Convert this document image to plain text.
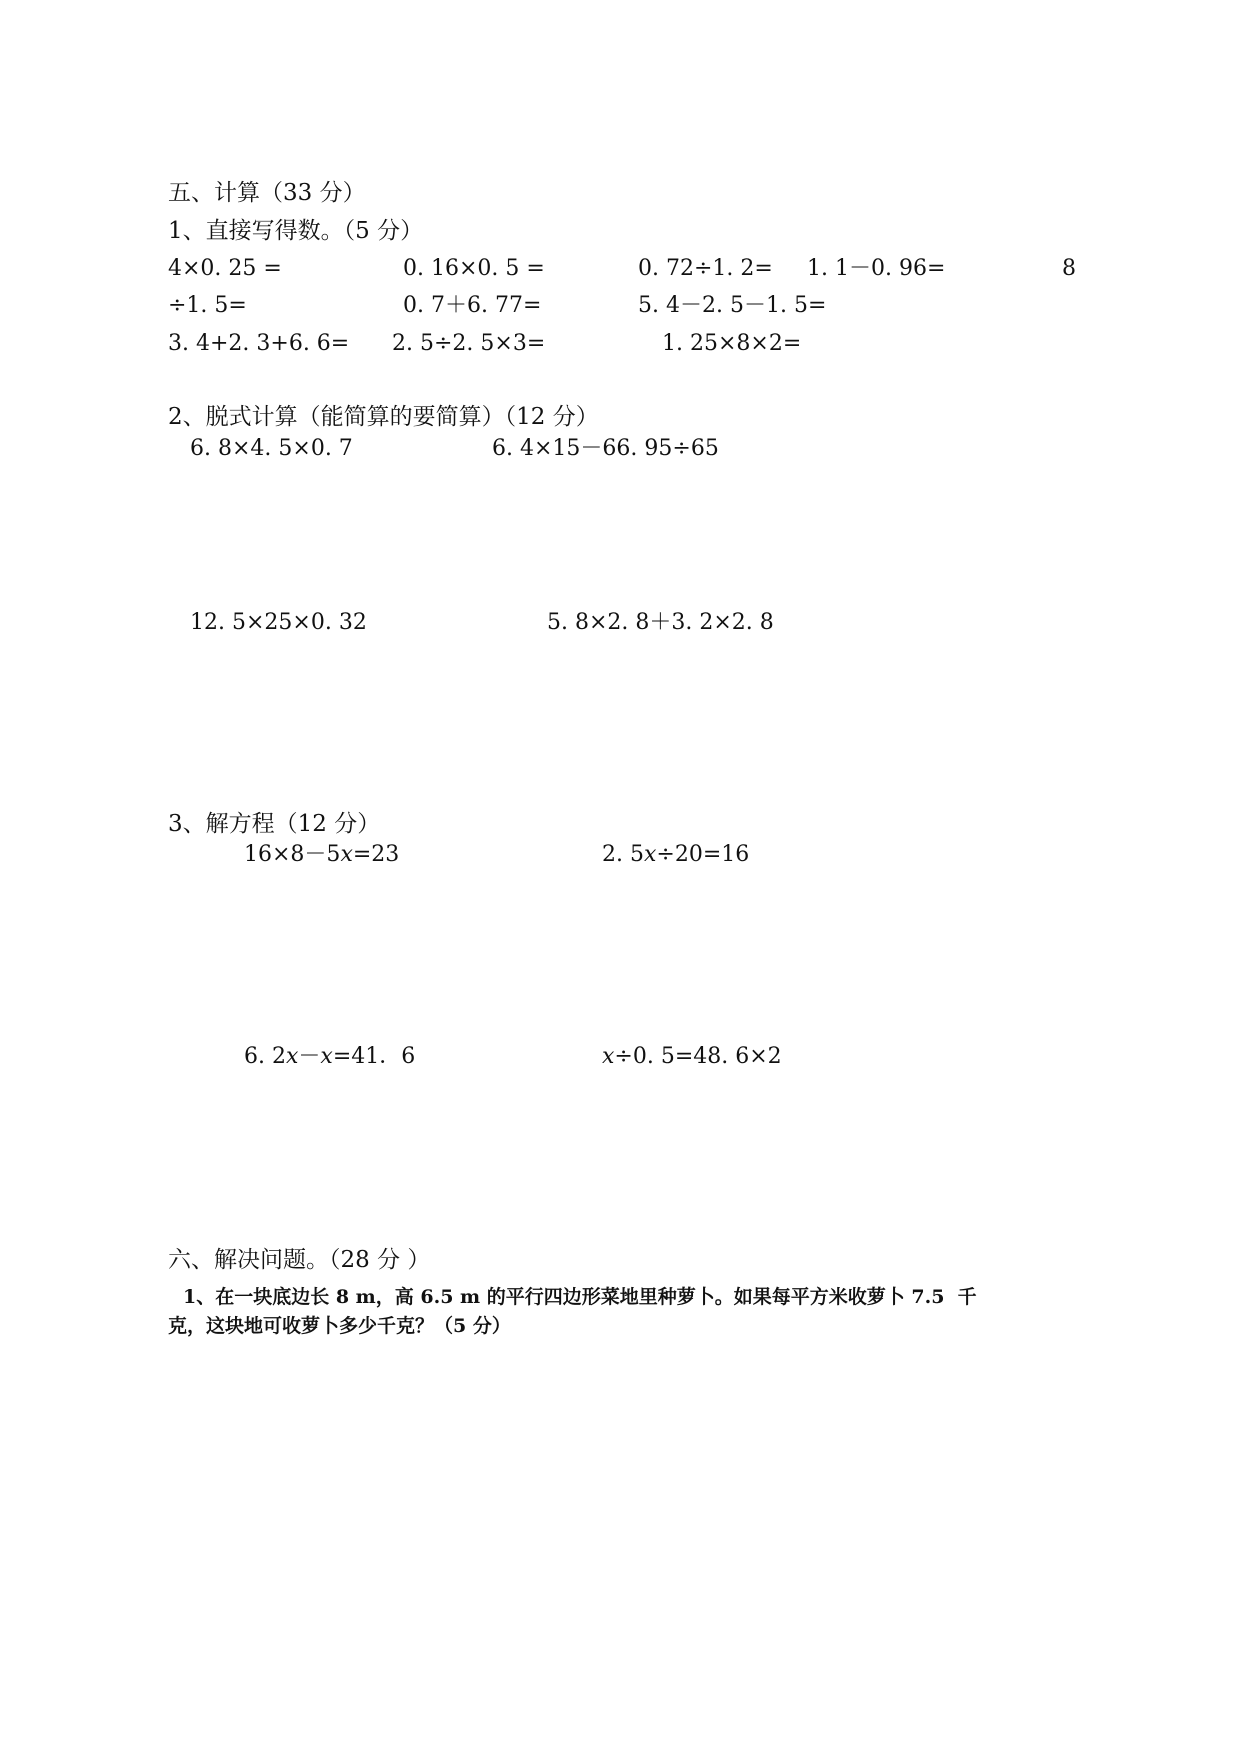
五、计算（33 分）
1、直接写得数。（5 分）
4×0. 25 =	0. 16×0. 5 =	0. 72÷1. 2= 1. 1－0. 96=	8
÷1. 5=	0. 7＋6. 77=	5. 4－2. 5－1. 5=
3. 4+2. 3+6. 6= 2. 5÷2. 5×3=	1. 25×8×2=
2、脱式计算（能简算的要简算）（12 分）
6. 8×4. 5×0. 7	6. 4×15－66. 95÷65
12. 5×25×0. 32	5. 8×2. 8＋3. 2×2. 8
3、解方程（12 分）
16×8－5x=23	2. 5x÷20=16
6. 2x－x=41．6	x÷0. 5=48. 6×2
六、解决问题。（28 分 ）
1、在一块底边长 8 m，高 6.5 m 的平行四边形菜地里种萝卜。如果每平方米收萝卜 7.5  千
克，这块地可收萝卜多少千克？（5 分）
